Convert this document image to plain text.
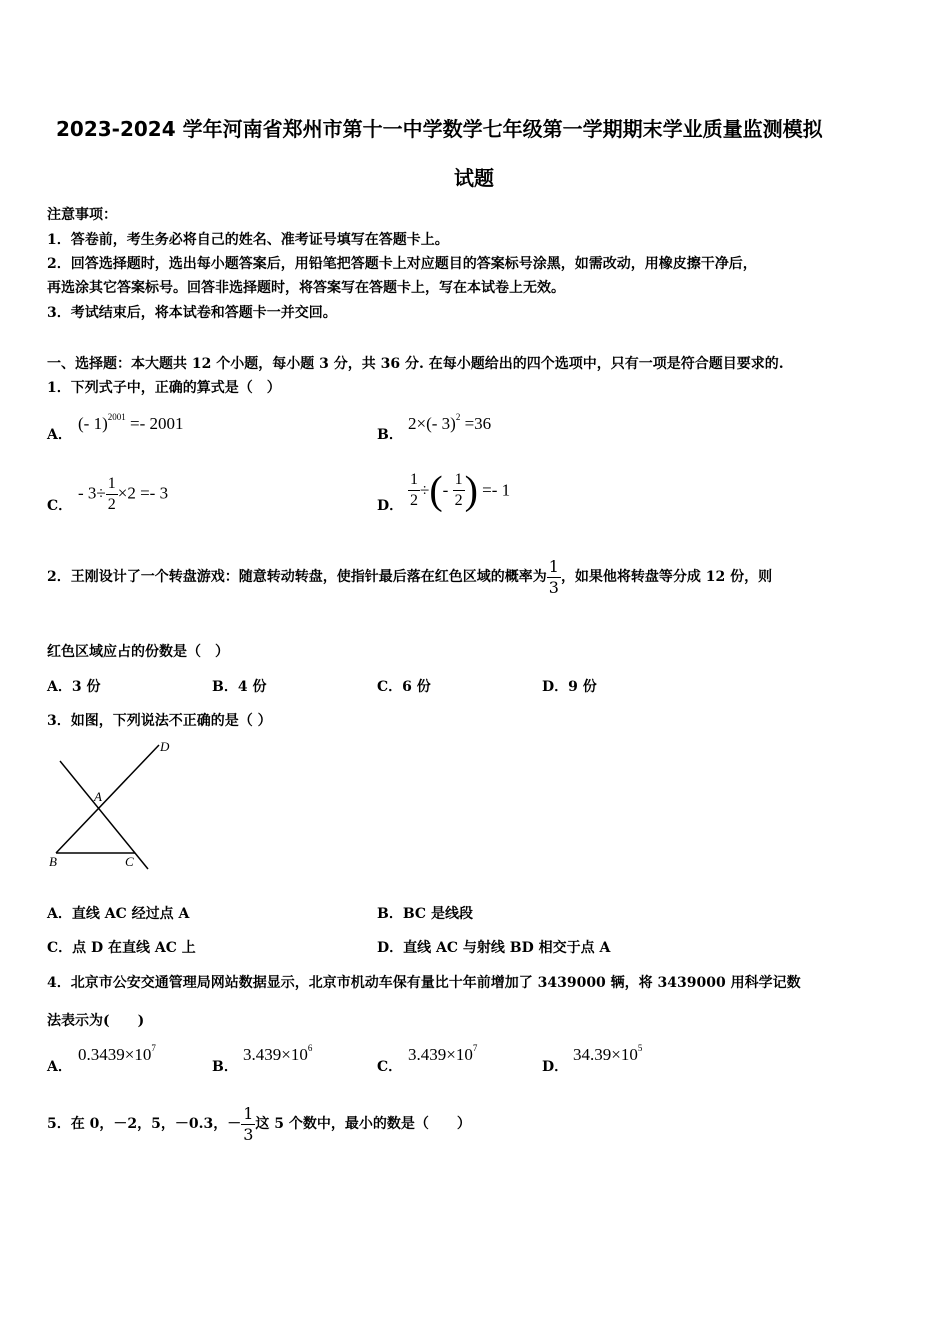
2023-2024 学年河南省郑州市第十一中学数学七年级第一学期期末学业质量监测模拟
试题
注意事项：
1．答卷前，考生务必将自己的姓名、准考证号填写在答题卡上。
2．回答选择题时，选出每小题答案后，用铅笔把答题卡上对应题目的答案标号涂黑，如需改动，用橡皮擦干净后，
再选涂其它答案标号。回答非选择题时，将答案写在答题卡上，写在本试卷上无效。
3．考试结束后，将本试卷和答题卡一并交回。
一、选择题：本大题共 12 个小题，每小题 3 分，共 36 分. 在每小题给出的四个选项中，只有一项是符合题目要求的.
1．下列式子中，正确的算式是（　）
A．
(- 1)$^{2001}$ =- 2001
B．
2×(- 3)$^2$ =36
C．
- $3\div \frac{1}{2} \times 2 =- 3$
D． $\frac{1}{2}$ ÷(- $\frac{1}{2}$ ) =- 1
2．王刚设计了一个转盘游戏：随意转动转盘，使指针最后落在红色区域的概率为 $\frac{1}{3}$ ，如果他将转盘等分成 12 份，则
红色区域应占的份数是（　）
A．3 份	B．4 份	C．6 份	D．9 份
3．如图，下列说法不正确的是（ ）
D
A
B	C
A．直线 AC 经过点 A	B．BC 是线段
C．点 D 在直线 AC 上	D．直线 AC 与射线 BD 相交于点 A
4．北京市公安交通管理局网站数据显示，北京市机动车保有量比十年前增加了 3439000 辆，将 3439000 用科学记数
法表示为(　　)
A．
$0.3439\times 10^7$
B．
$3.439\times 10^6$
C．
$3.439\times 10^7$
D．
$34.39\times 10^5$
5．在 0，－2，5，－0.3，－ $\frac{1}{3}$ 这 5 个数中，最小的数是（　　）
